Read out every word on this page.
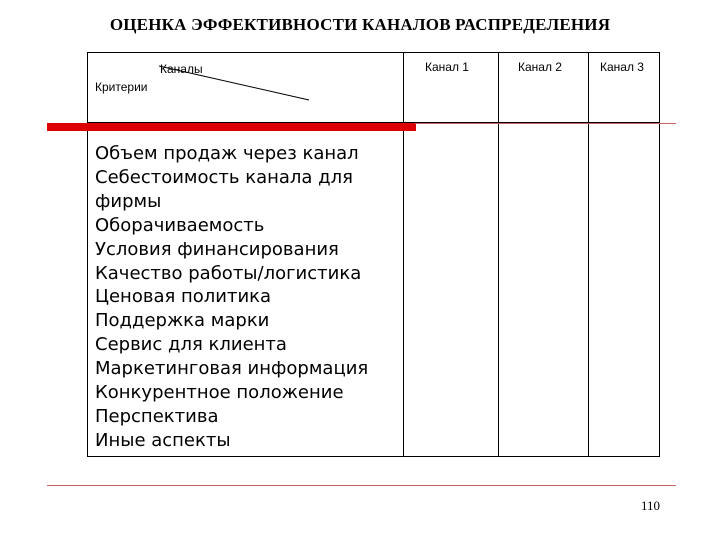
ОЦЕНКА ЭФФЕКТИВНОСТИ КАНАЛОВ РАСПРЕДЕЛЕНИЯ
Каналы
Критерии
Канал 1	Канал 2	Канал 3
Объем продаж через канал
Себестоимость канала для
фирмы
Оборачиваемость
Условия финансирования
Качество работы/логистика
Ценовая политика
Поддержка марки
Сервис для клиента
Маркетинговая информация
Конкурентное положение
Перспектива
Иные аспекты
110
